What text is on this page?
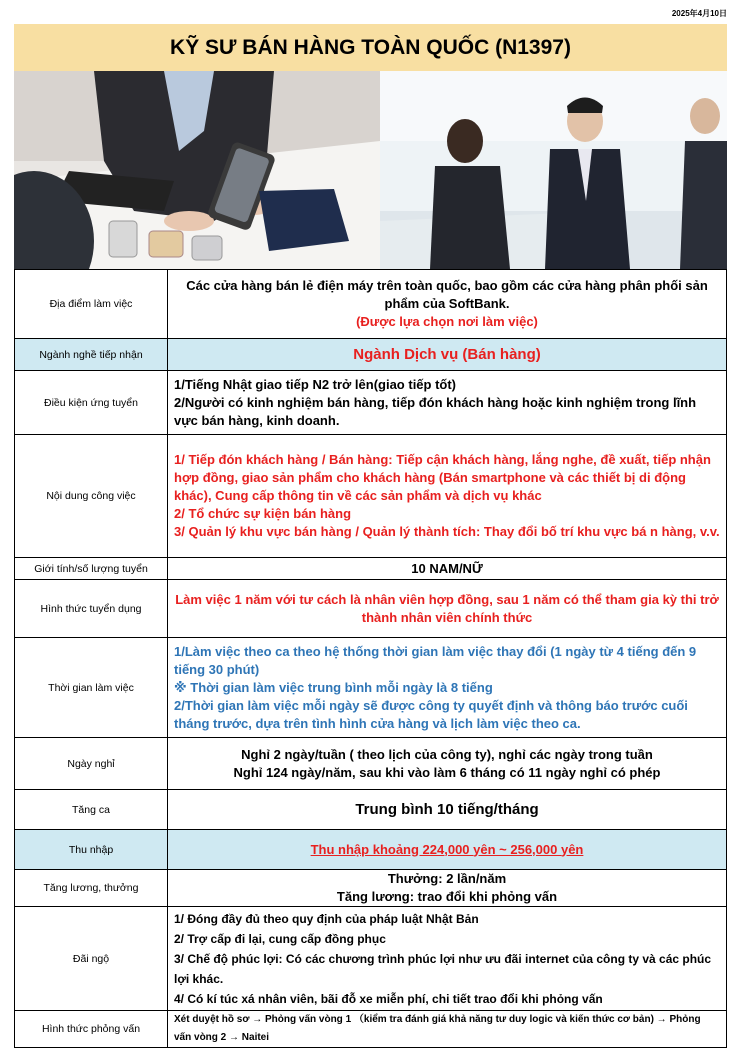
2025年4月10日
KỸ SƯ BÁN HÀNG TOÀN QUỐC (N1397)
Địa điểm làm việc	Các cửa hàng bán lẻ điện máy trên toàn quốc, bao gồm các cửa hàng phân phối sản phẩm của SoftBank.
(Được lựa chọn nơi làm việc)

Ngành nghề tiếp nhận	Ngành Dịch vụ (Bán hàng)
Điều kiện ứng tuyển	1/Tiếng Nhật giao tiếp N2 trở lên(giao tiếp tốt)
2/Người có kinh nghiệm bán hàng, tiếp đón khách hàng hoặc kinh nghiệm trong lĩnh vực bán hàng, kinh doanh.

Nội dung công việc	1/ Tiếp đón khách hàng / Bán hàng: Tiếp cận khách hàng, lắng nghe, đề xuất, tiếp nhận hợp đồng, giao sản phẩm cho khách hàng (Bán smartphone và các thiết bị di động khác), Cung cấp thông tin về các sản phẩm và dịch vụ khác
2/ Tổ chức sự kiện bán hàng
3/ Quản lý khu vực bán hàng / Quản lý thành tích: Thay đổi bố trí khu vực bá n hàng, v.v.

Giới tính/số lượng tuyển	10 NAM/NỮ
Hình thức tuyển dụng	Làm việc 1 năm với tư cách là nhân viên hợp đồng, sau 1 năm có thể tham gia kỳ thi trở thành nhân viên chính thức
Thời gian làm việc	1/Làm việc theo ca theo hệ thống thời gian làm việc thay đổi (1 ngày từ 4 tiếng đến 9 tiếng 30 phút)
※ Thời gian làm việc trung bình mỗi ngày là 8 tiếng
2/Thời gian làm việc mỗi ngày sẽ được công ty quyết định và thông báo trước cuối tháng trước, dựa trên tình hình cửa hàng và lịch làm việc theo ca.

Ngày nghỉ	Nghỉ 2 ngày/tuần ( theo lịch của công ty), nghỉ các ngày trong tuần
Nghỉ 124 ngày/năm, sau khi vào làm 6 tháng có 11 ngày nghỉ có phép

Tăng ca	Trung bình 10 tiếng/tháng
Thu nhập	Thu nhập khoảng 224,000 yên ~ 256,000 yên
Tăng lương, thưởng	Thưởng: 2 lần/năm
Tăng lương: trao đổi khi phỏng vấn

Đãi ngộ	1/ Đóng đầy đủ theo quy định của pháp luật Nhật Bản
2/ Trợ cấp đi lại, cung cấp đồng phục
3/ Chế độ phúc lợi: Có các chương trình phúc lợi như ưu đãi internet của công ty và các phúc lợi khác.
4/ Có kí túc xá nhân viên, bãi đỗ xe miễn phí, chi tiết trao đổi khi phỏng vấn

Hình thức phỏng vấn	Xét duyệt hồ sơ → Phỏng vấn vòng 1 （kiểm tra đánh giá khả năng tư duy logic và kiến thức cơ bản) → Phỏng vấn vòng 2 → Naitei
